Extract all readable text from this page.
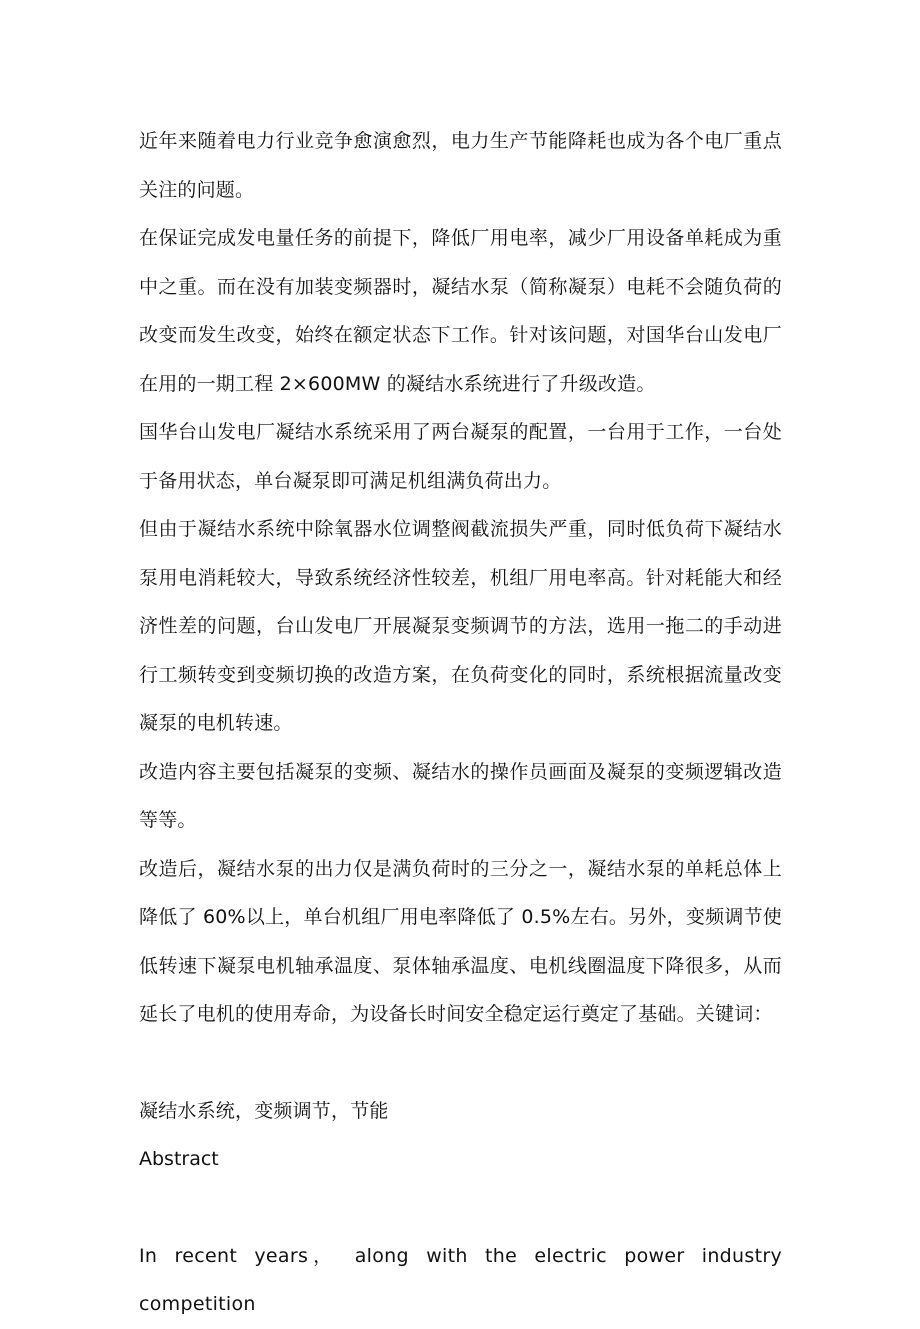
近年来随着电力行业竞争愈演愈烈，电力生产节能降耗也成为各个电厂重点关注的问题。

在保证完成发电量任务的前提下，降低厂用电率，减少厂用设备单耗成为重中之重。而在没有加装变频器时，凝结水泵（简称凝泵）电耗不会随负荷的改变而发生改变，始终在额定状态下工作。针对该问题，对国华台山发电厂在用的一期工程 2×600MW 的凝结水系统进行了升级改造。

国华台山发电厂凝结水系统采用了两台凝泵的配置，一台用于工作，一台处于备用状态，单台凝泵即可满足机组满负荷出力。

但由于凝结水系统中除氧器水位调整阀截流损失严重，同时低负荷下凝结水泵用电消耗较大，导致系统经济性较差，机组厂用电率高。针对耗能大和经济性差的问题，台山发电厂开展凝泵变频调节的方法，选用一拖二的手动进行工频转变到变频切换的改造方案，在负荷变化的同时，系统根据流量改变凝泵的电机转速。

改造内容主要包括凝泵的变频、凝结水的操作员画面及凝泵的变频逻辑改造等等。

改造后，凝结水泵的出力仅是满负荷时的三分之一，凝结水泵的单耗总体上降低了 60%以上，单台机组厂用电率降低了 0.5%左右。另外，变频调节使低转速下凝泵电机轴承温度、泵体轴承温度、电机线圈温度下降很多，从而延长了电机的使用寿命，为设备长时间安全稳定运行奠定了基础。关键词：

凝结水系统，变频调节，节能

Abstract

In recent years， along with the electric power industry competition
